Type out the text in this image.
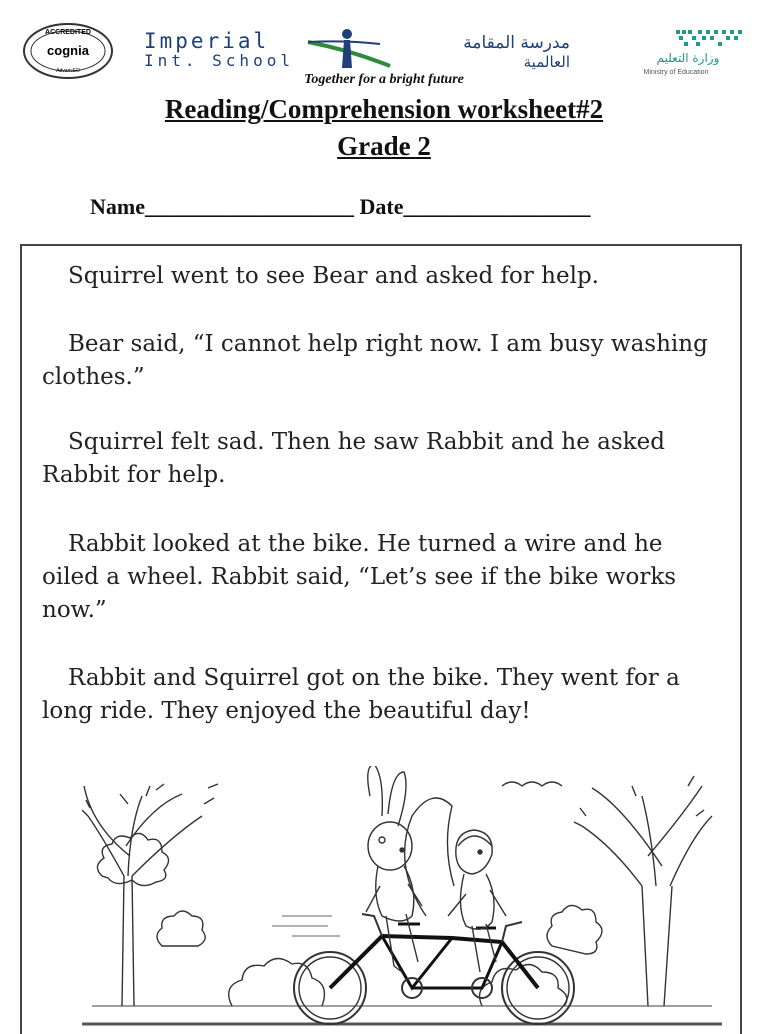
ACCREDITED
cognia
AdvancED
Imperial
Int. School
مدرسة المقامة
العالمية	وزارة التعليم
Ministry of Education
Together for a bright future
Reading/Comprehension worksheet#2
Grade 2
Name___________________ Date_________________

Squirrel went to see Bear and asked for help.

Bear said, “I cannot help right now. I am busy washing clothes.”

Squirrel felt sad. Then he saw Rabbit and he asked Rabbit for help.

Rabbit looked at the bike. He turned a wire and he oiled a wheel. Rabbit said, “Let’s see if the bike works now.”

Rabbit and Squirrel got on the bike. They went for a long ride. They enjoyed the beautiful day!
